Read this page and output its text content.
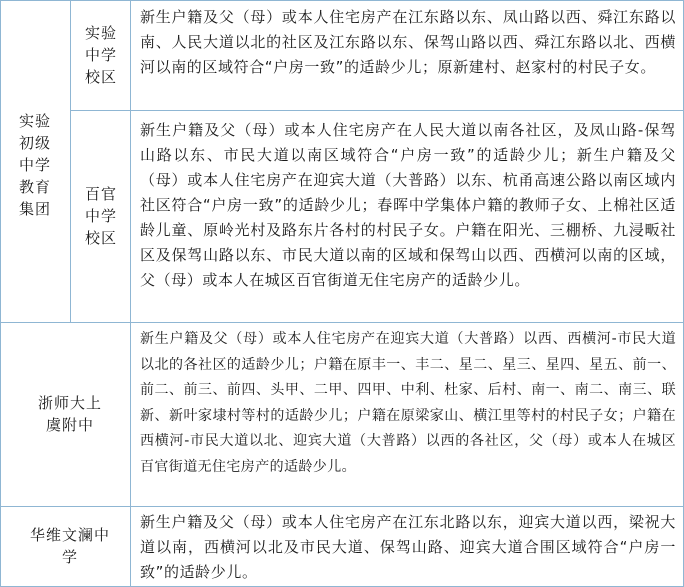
实验初级中学教育集团
实验中学校区
新生户籍及父（母）或本人住宅房产在江东路以东、凤山路以西、舜江东路以南、人民大道以北的社区及江东路以东、保驾山路以西、舜江东路以北、西横河以南的区域符合“户房一致”的适龄少儿；原新建村、赵家村的村民子女。
百官中学校区
新生户籍及父（母）或本人住宅房产在人民大道以南各社区，及凤山路-保驾山路以东、市民大道以南区域符合“户房一致”的适龄少儿；新生户籍及父（母）或本人住宅房产在迎宾大道（大普路）以东、杭甬高速公路以南区域内社区符合“户房一致”的适龄少儿；春晖中学集体户籍的教师子女、上棉社区适龄儿童、原岭光村及路东片各村的村民子女。户籍在阳光、三棚桥、九浸畈社区及保驾山路以东、市民大道以南的区域和保驾山以西、西横河以南的区域，父（母）或本人在城区百官街道无住宅房产的适龄少儿。
浙师大上虞附中
新生户籍及父（母）或本人住宅房产在迎宾大道（大普路）以西、西横河-市民大道以北的各社区的适龄少儿；户籍在原丰一、丰二、星二、星三、星四、星五、前一、前二、前三、前四、头甲、二甲、四甲、中利、杜家、后村、南一、南二、南三、联新、新叶家埭村等村的适龄少儿；户籍在原梁家山、横江里等村的村民子女；户籍在西横河-市民大道以北、迎宾大道（大普路）以西的各社区，父（母）或本人在城区百官街道无住宅房产的适龄少儿。
华维文澜中学
新生户籍及父（母）或本人住宅房产在江东北路以东，迎宾大道以西，梁祝大道以南，西横河以北及市民大道、保驾山路、迎宾大道合围区域符合“户房一致”的适龄少儿。
